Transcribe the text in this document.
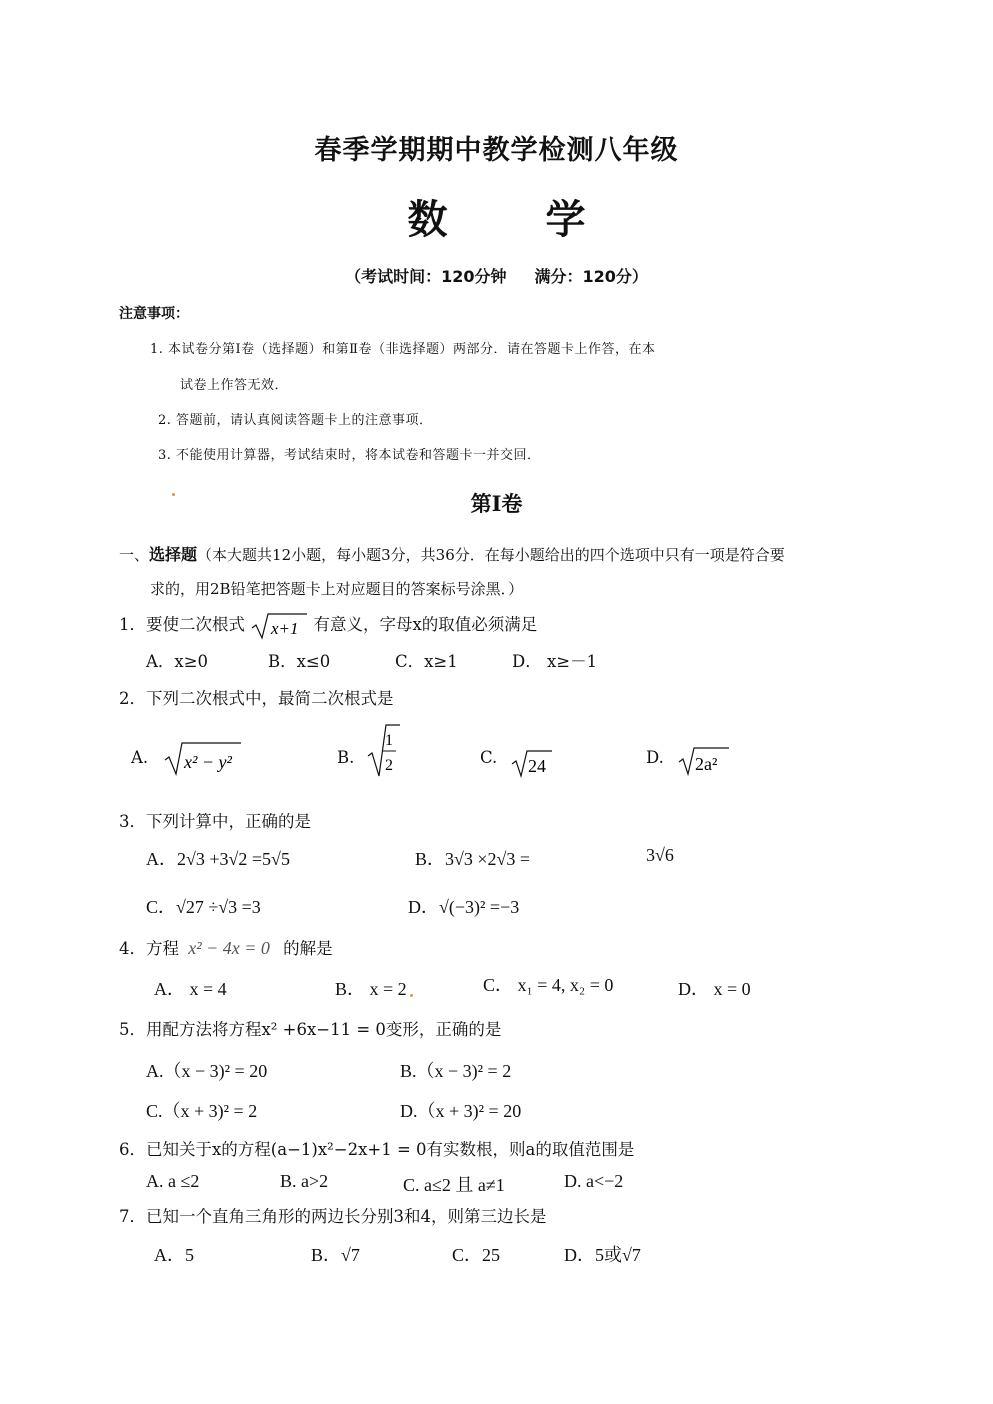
春季学期期中教学检测八年级
数 学
（考试时间：120分钟 满分：120分）
注意事项：
1. 本试卷分第Ⅰ卷（选择题）和第Ⅱ卷（非选择题）两部分．请在答题卡上作答，在本
试卷上作答无效．
2. 答题前，请认真阅读答题卡上的注意事项．
3. 不能使用计算器，考试结束时，将本试卷和答题卡一并交回．
第Ⅰ卷
一、选择题（本大题共12小题，每小题3分，共36分．在每小题给出的四个选项中只有一项是符合要
求的，用2B铅笔把答题卡上对应题目的答案标号涂黑．）
1．要使二次根式 x+1 有意义，字母x的取值必须满足
A．x≥0	B．x≤0	C．x≥1	D． x≥－1
2．下列二次根式中，最简二次根式是
A. x² − y²	B.
1
2	C. 24	D. 2a²
3．下列计算中，正确的是
A．2√3 +3√2 =5√5	B．3√3 ×2√3 =	3√6
C．√27 ÷√3 =3	D．√(−3)² =−3
4．方程 x² − 4x = 0 的解是
A． x = 4	B． x = 2	C． x₁ = 4, x₂ = 0	D． x = 0
5．用配方法将方程x² +6x−11 = 0变形，正确的是
A.（x − 3)² = 20	B.（x − 3)² = 2
C.（x + 3)² = 2	D.（x + 3)² = 20
6．已知关于x的方程(a−1)x²−2x+1 = 0有实数根，则a的取值范围是
A. a ≤2	B. a>2	C. a≤2 且 a≠1	D. a<−2
7．已知一个直角三角形的两边长分别3和4，则第三边长是
A．5	B．√7	C．25	D．5或√7
